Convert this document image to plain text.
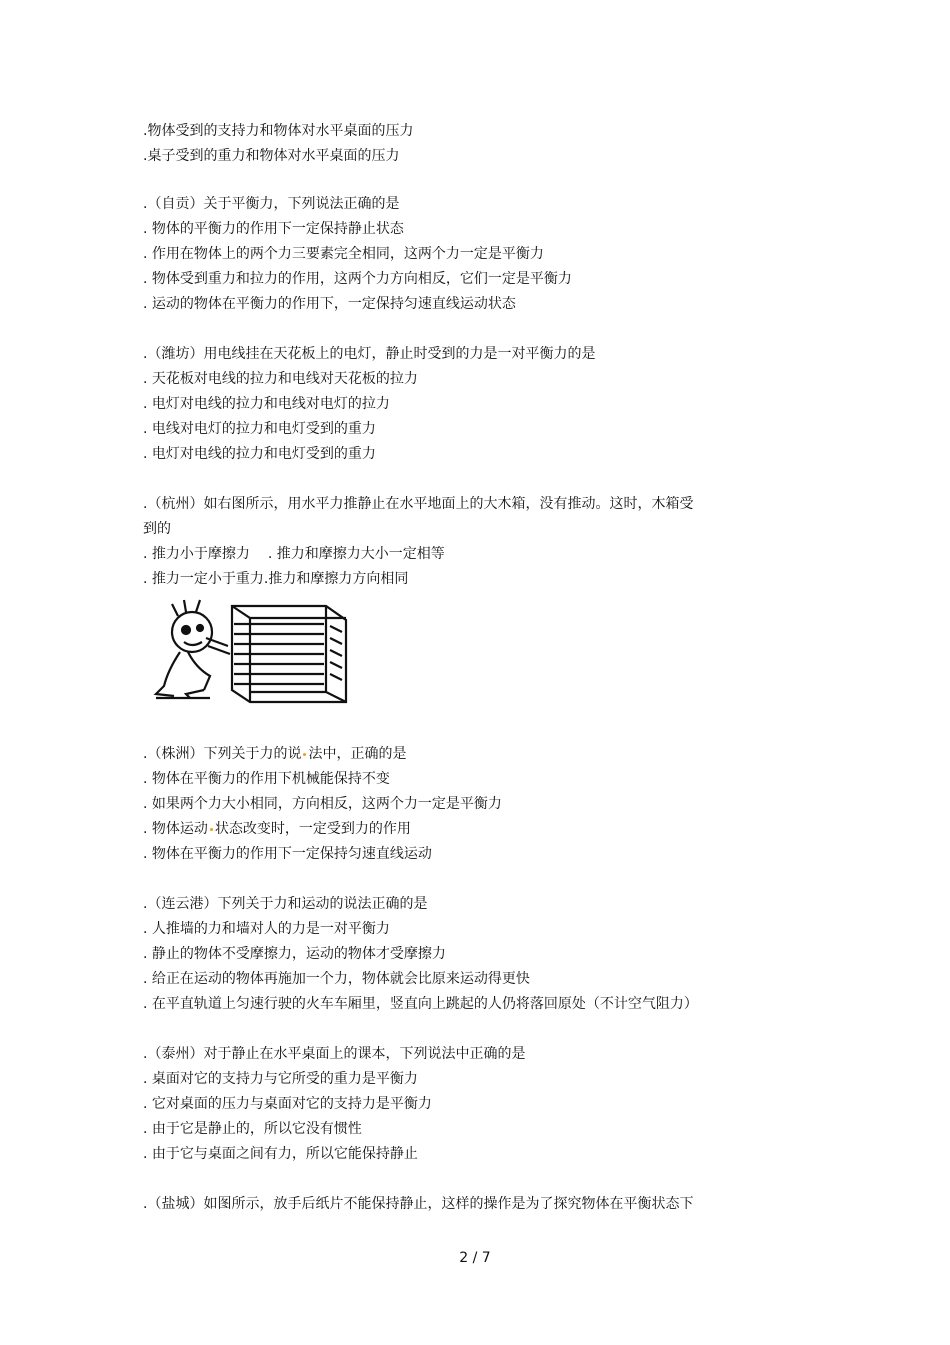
.物体受到的支持力和物体对水平桌面的压力
.桌子受到的重力和物体对水平桌面的压力
.（自贡）关于平衡力，下列说法正确的是
. 物体的平衡力的作用下一定保持静止状态
. 作用在物体上的两个力三要素完全相同，这两个力一定是平衡力
. 物体受到重力和拉力的作用，这两个力方向相反，它们一定是平衡力
. 运动的物体在平衡力的作用下，一定保持匀速直线运动状态
.（潍坊）用电线挂在天花板上的电灯，静止时受到的力是一对平衡力的是
. 天花板对电线的拉力和电线对天花板的拉力
. 电灯对电线的拉力和电线对电灯的拉力
. 电线对电灯的拉力和电灯受到的重力
. 电灯对电线的拉力和电灯受到的重力
.（杭州）如右图所示，用水平力推静止在水平地面上的大木箱，没有推动。这时，木箱受
到的
. 推力小于摩擦力 . 推力和摩擦力大小一定相等
. 推力一定小于重力.推力和摩擦力方向相同
.（株洲）下列关于力的说 法中，正确的是
. 物体在平衡力的作用下机械能保持不变
. 如果两个力大小相同，方向相反，这两个力一定是平衡力
. 物体运动 状态改变时，一定受到力的作用
. 物体在平衡力的作用下一定保持匀速直线运动
.（连云港）下列关于力和运动的说法正确的是
. 人推墙的力和墙对人的力是一对平衡力
. 静止的物体不受摩擦力，运动的物体才受摩擦力
. 给正在运动的物体再施加一个力，物体就会比原来运动得更快
. 在平直轨道上匀速行驶的火车车厢里，竖直向上跳起的人仍将落回原处（不计空气阻力）
.（泰州）对于静止在水平桌面上的课本，下列说法中正确的是
. 桌面对它的支持力与它所受的重力是平衡力
. 它对桌面的压力与桌面对它的支持力是平衡力
. 由于它是静止的，所以它没有惯性
. 由于它与桌面之间有力，所以它能保持静止
.（盐城）如图所示，放手后纸片不能保持静止，这样的操作是为了探究物体在平衡状态下
2 / 7
